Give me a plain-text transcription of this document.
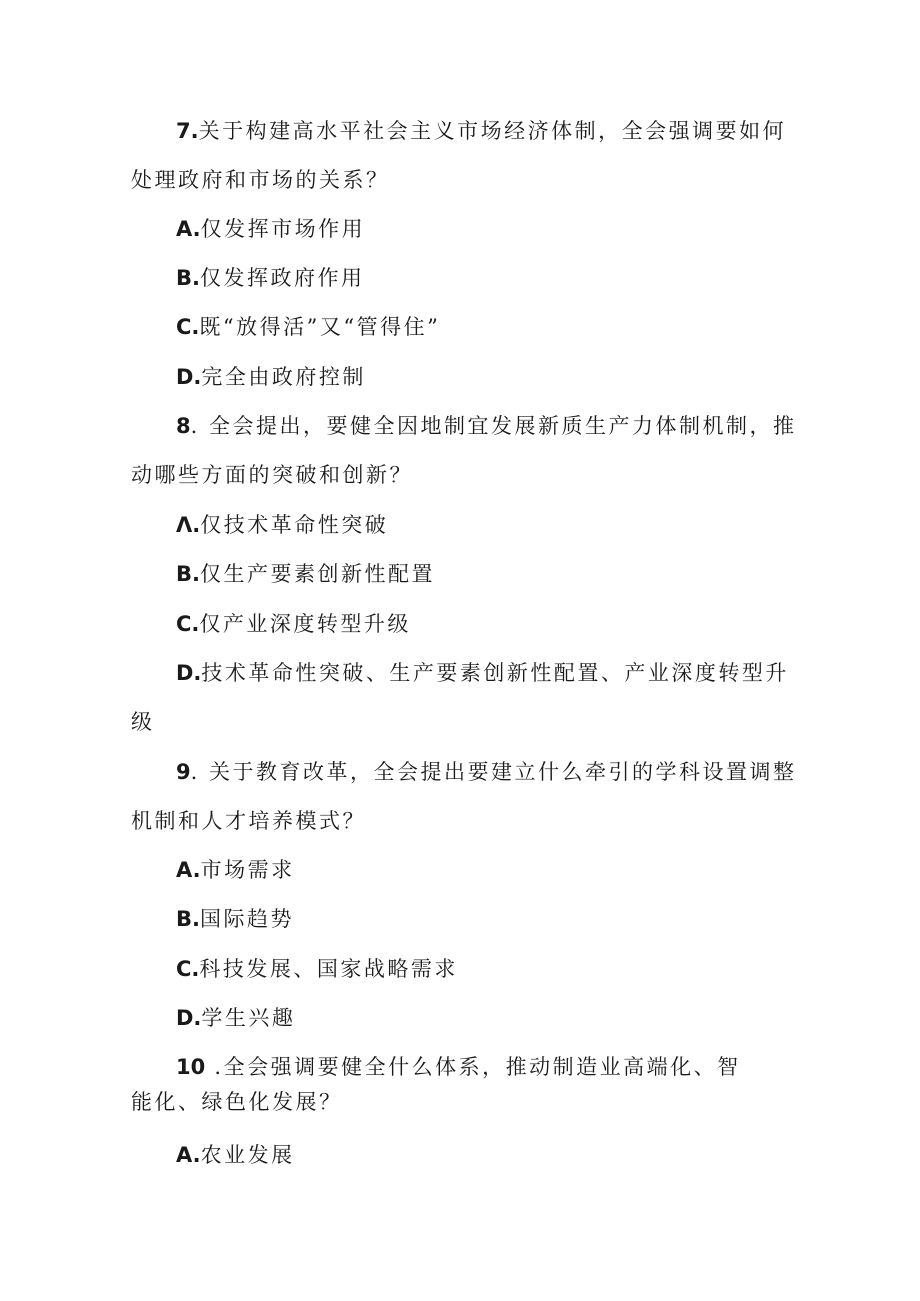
7.关于构建高水平社会主义市场经济体制，全会强调要如何
处理政府和市场的关系？
A.仅发挥市场作用
B.仅发挥政府作用
C.既“放得活”又“管得住”
D.完全由政府控制
8. 全会提出，要健全因地制宜发展新质生产力体制机制，推
动哪些方面的突破和创新？
Λ.仅技术革命性突破
B.仅生产要素创新性配置
C.仅产业深度转型升级
D.技术革命性突破、生产要素创新性配置、产业深度转型升
级
9. 关于教育改革，全会提出要建立什么牵引的学科设置调整
机制和人才培养模式？
A.市场需求
B.国际趋势
C.科技发展、国家战略需求
D.学生兴趣
10 .全会强调要健全什么体系，推动制造业高端化、智
能化、绿色化发展？
A.农业发展
